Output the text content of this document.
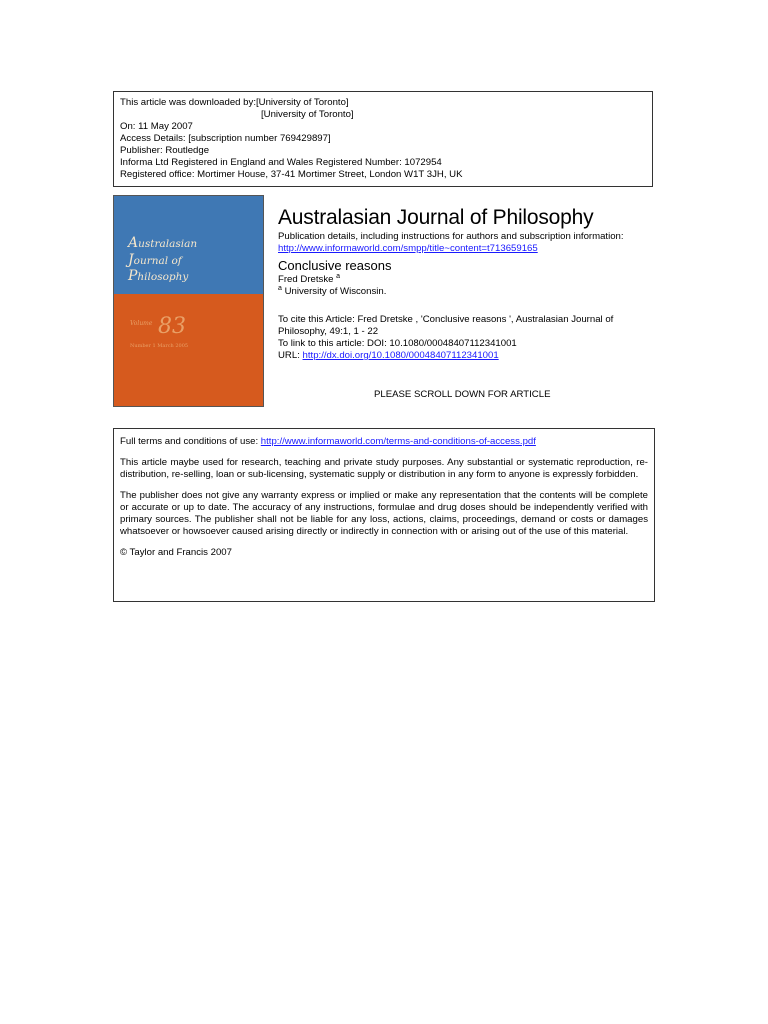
This article was downloaded by:[University of Toronto]
[University of Toronto]
On: 11 May 2007
Access Details: [subscription number 769429897]
Publisher: Routledge
Informa Ltd Registered in England and Wales Registered Number: 1072954
Registered office: Mortimer House, 37-41 Mortimer Street, London W1T 3JH, UK
Australasian
Journal of
Philosophy
Volume 83
Number 1 March 2005
Australasian Journal of Philosophy
Publication details, including instructions for authors and subscription information:
http://www.informaworld.com/smpp/title~content=t713659165
Conclusive reasons
Fred Dretske $^a$
$^a$ University of Wisconsin.
To cite this Article: Fred Dretske , 'Conclusive reasons ', Australasian Journal of Philosophy, 49:1, 1 - 22
To link to this article: DOI: 10.1080/00048407112341001
URL: http://dx.doi.org/10.1080/00048407112341001
PLEASE SCROLL DOWN FOR ARTICLE

Full terms and conditions of use: http://www.informaworld.com/terms-and-conditions-of-access.pdf

This article maybe used for research, teaching and private study purposes. Any substantial or systematic reproduction, re-distribution, re-selling, loan or sub-licensing, systematic supply or distribution in any form to anyone is expressly forbidden.

The publisher does not give any warranty express or implied or make any representation that the contents will be complete or accurate or up to date. The accuracy of any instructions, formulae and drug doses should be independently verified with primary sources. The publisher shall not be liable for any loss, actions, claims, proceedings, demand or costs or damages whatsoever or howsoever caused arising directly or indirectly in connection with or arising out of the use of this material.

© Taylor and Francis 2007
